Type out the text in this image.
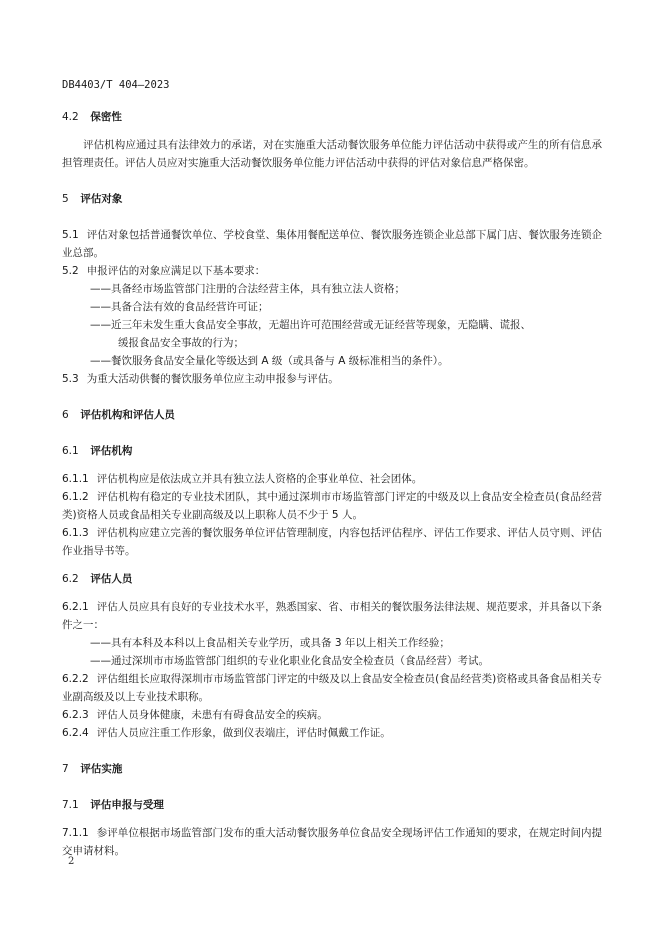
DB4403/T 404—2023

4.2 保密性

评估机构应通过具有法律效力的承诺，对在实施重大活动餐饮服务单位能力评估活动中获得或产生的所有信息承担管理责任。评估人员应对实施重大活动餐饮服务单位能力评估活动中获得的评估对象信息严格保密。

5 评估对象

5.1 评估对象包括普通餐饮单位、学校食堂、集体用餐配送单位、餐饮服务连锁企业总部下属门店、餐饮服务连锁企业总部。

5.2 申报评估的对象应满足以下基本要求：

——具备经市场监管部门注册的合法经营主体，具有独立法人资格；

——具备合法有效的食品经营许可证；

——近三年未发生重大食品安全事故，无超出许可范围经营或无证经营等现象，无隐瞒、谎报、

缓报食品安全事故的行为；

——餐饮服务食品安全量化等级达到 A 级（或具备与 A 级标准相当的条件）。

5.3 为重大活动供餐的餐饮服务单位应主动申报参与评估。

6 评估机构和评估人员

6.1 评估机构

6.1.1 评估机构应是依法成立并具有独立法人资格的企事业单位、社会团体。

6.1.2 评估机构有稳定的专业技术团队，其中通过深圳市市场监管部门评定的中级及以上食品安全检查员(食品经营类)资格人员或食品相关专业副高级及以上职称人员不少于 5 人。

6.1.3 评估机构应建立完善的餐饮服务单位评估管理制度，内容包括评估程序、评估工作要求、评估人员守则、评估作业指导书等。

6.2 评估人员

6.2.1 评估人员应具有良好的专业技术水平，熟悉国家、省、市相关的餐饮服务法律法规、规范要求，并具备以下条件之一：

——具有本科及本科以上食品相关专业学历，或具备 3 年以上相关工作经验；

——通过深圳市市场监管部门组织的专业化职业化食品安全检查员（食品经营）考试。

6.2.2 评估组组长应取得深圳市市场监管部门评定的中级及以上食品安全检查员(食品经营类)资格或具备食品相关专业副高级及以上专业技术职称。

6.2.3 评估人员身体健康，未患有有碍食品安全的疾病。

6.2.4 评估人员应注重工作形象，做到仪表端庄，评估时佩戴工作证。

7 评估实施

7.1 评估申报与受理

7.1.1 参评单位根据市场监管部门发布的重大活动餐饮服务单位食品安全现场评估工作通知的要求，在规定时间内提交申请材料。

2
